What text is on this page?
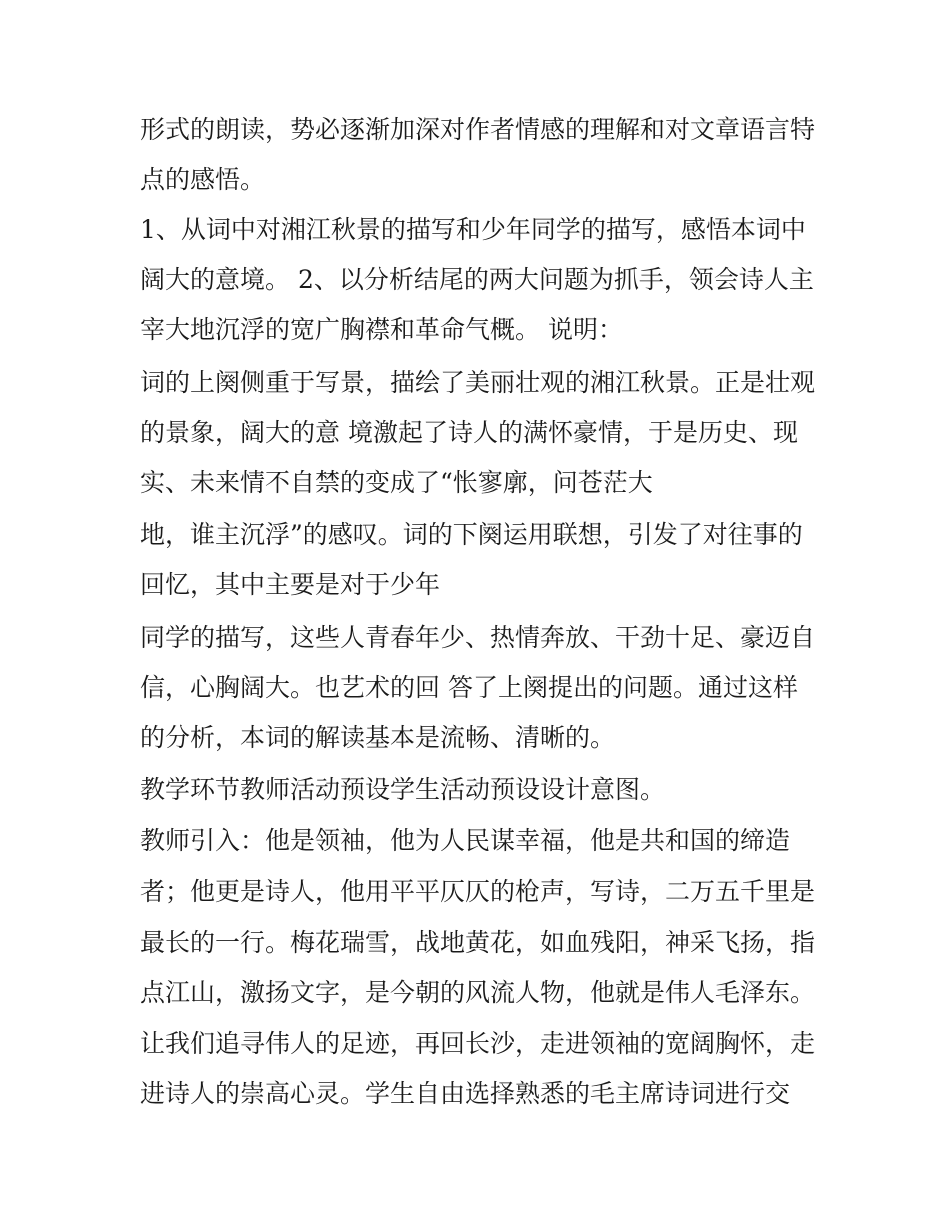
形式的朗读，势必逐渐加深对作者情感的理解和对文章语言特
点的感悟。
1、从词中对湘江秋景的描写和少年同学的描写，感悟本词中
阔大的意境。 2、以分析结尾的两大问题为抓手，领会诗人主
宰大地沉浮的宽广胸襟和革命气概。 说明：
词的上阕侧重于写景，描绘了美丽壮观的湘江秋景。正是壮观
的景象，阔大的意 境激起了诗人的满怀豪情，于是历史、现
实、未来情不自禁的变成了“怅寥廓，问苍茫大
地，谁主沉浮”的感叹。词的下阕运用联想，引发了对往事的
回忆，其中主要是对于少年
同学的描写，这些人青春年少、热情奔放、干劲十足、豪迈自
信，心胸阔大。也艺术的回 答了上阕提出的问题。通过这样
的分析，本词的解读基本是流畅、清晰的。
教学环节教师活动预设学生活动预设设计意图。
教师引入：他是领袖，他为人民谋幸福，他是共和国的缔造
者；他更是诗人，他用平平仄仄的枪声，写诗，二万五千里是
最长的一行。梅花瑞雪，战地黄花，如血残阳，神采飞扬，指
点江山，激扬文字，是今朝的风流人物，他就是伟人毛泽东。
让我们追寻伟人的足迹，再回长沙，走进领袖的宽阔胸怀，走
进诗人的崇高心灵。学生自由选择熟悉的毛主席诗词进行交
